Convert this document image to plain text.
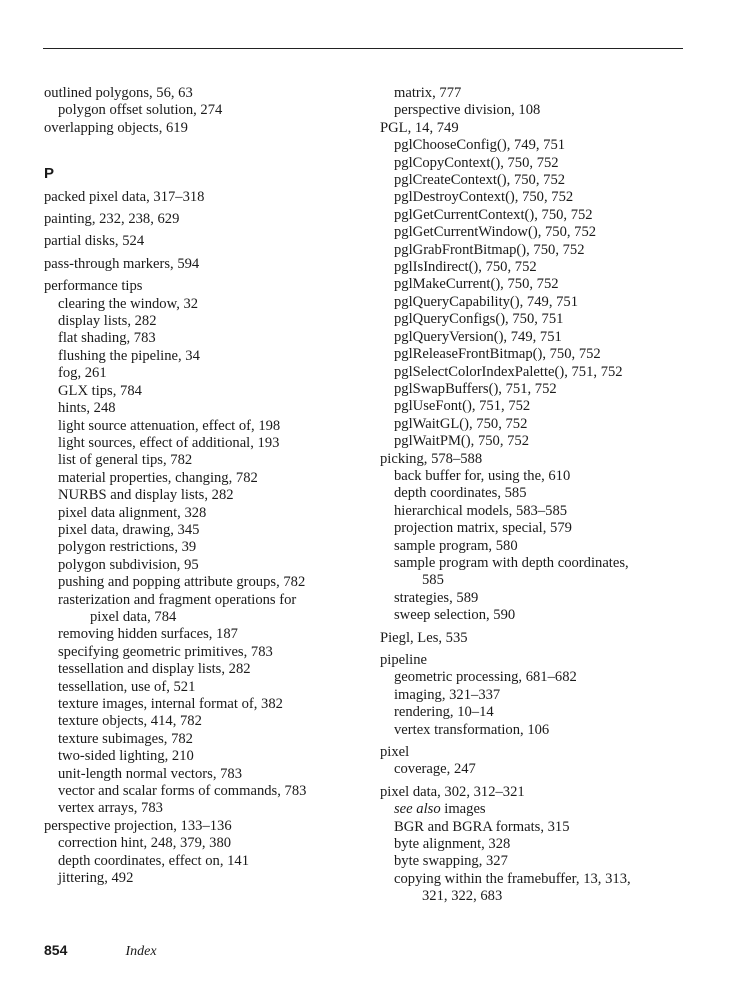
outlined polygons, 56, 63
polygon offset solution, 274
overlapping objects, 619
P
packed pixel data, 317–318
painting, 232, 238, 629
partial disks, 524
pass-through markers, 594
performance tips
clearing the window, 32
display lists, 282
flat shading, 783
flushing the pipeline, 34
fog, 261
GLX tips, 784
hints, 248
light source attenuation, effect of, 198
light sources, effect of additional, 193
list of general tips, 782
material properties, changing, 782
NURBS and display lists, 282
pixel data alignment, 328
pixel data, drawing, 345
polygon restrictions, 39
polygon subdivision, 95
pushing and popping attribute groups, 782
rasterization and fragment operations for
pixel data, 784
removing hidden surfaces, 187
specifying geometric primitives, 783
tessellation and display lists, 282
tessellation, use of, 521
texture images, internal format of, 382
texture objects, 414, 782
texture subimages, 782
two-sided lighting, 210
unit-length normal vectors, 783
vector and scalar forms of commands, 783
vertex arrays, 783
perspective projection, 133–136
correction hint, 248, 379, 380
depth coordinates, effect on, 141
jittering, 492
matrix, 777
perspective division, 108
PGL, 14, 749
pglChooseConfig(), 749, 751
pglCopyContext(), 750, 752
pglCreateContext(), 750, 752
pglDestroyContext(), 750, 752
pglGetCurrentContext(), 750, 752
pglGetCurrentWindow(), 750, 752
pglGrabFrontBitmap(), 750, 752
pglIsIndirect(), 750, 752
pglMakeCurrent(), 750, 752
pglQueryCapability(), 749, 751
pglQueryConfigs(), 750, 751
pglQueryVersion(), 749, 751
pglReleaseFrontBitmap(), 750, 752
pglSelectColorIndexPalette(), 751, 752
pglSwapBuffers(), 751, 752
pglUseFont(), 751, 752
pglWaitGL(), 750, 752
pglWaitPM(), 750, 752
picking, 578–588
back buffer for, using the, 610
depth coordinates, 585
hierarchical models, 583–585
projection matrix, special, 579
sample program, 580
sample program with depth coordinates,
585
strategies, 589
sweep selection, 590
Piegl, Les, 535
pipeline
geometric processing, 681–682
imaging, 321–337
rendering, 10–14
vertex transformation, 106
pixel
coverage, 247
pixel data, 302, 312–321
see also images
BGR and BGRA formats, 315
byte alignment, 328
byte swapping, 327
copying within the framebuffer, 13, 313,
321, 322, 683
854	Index
